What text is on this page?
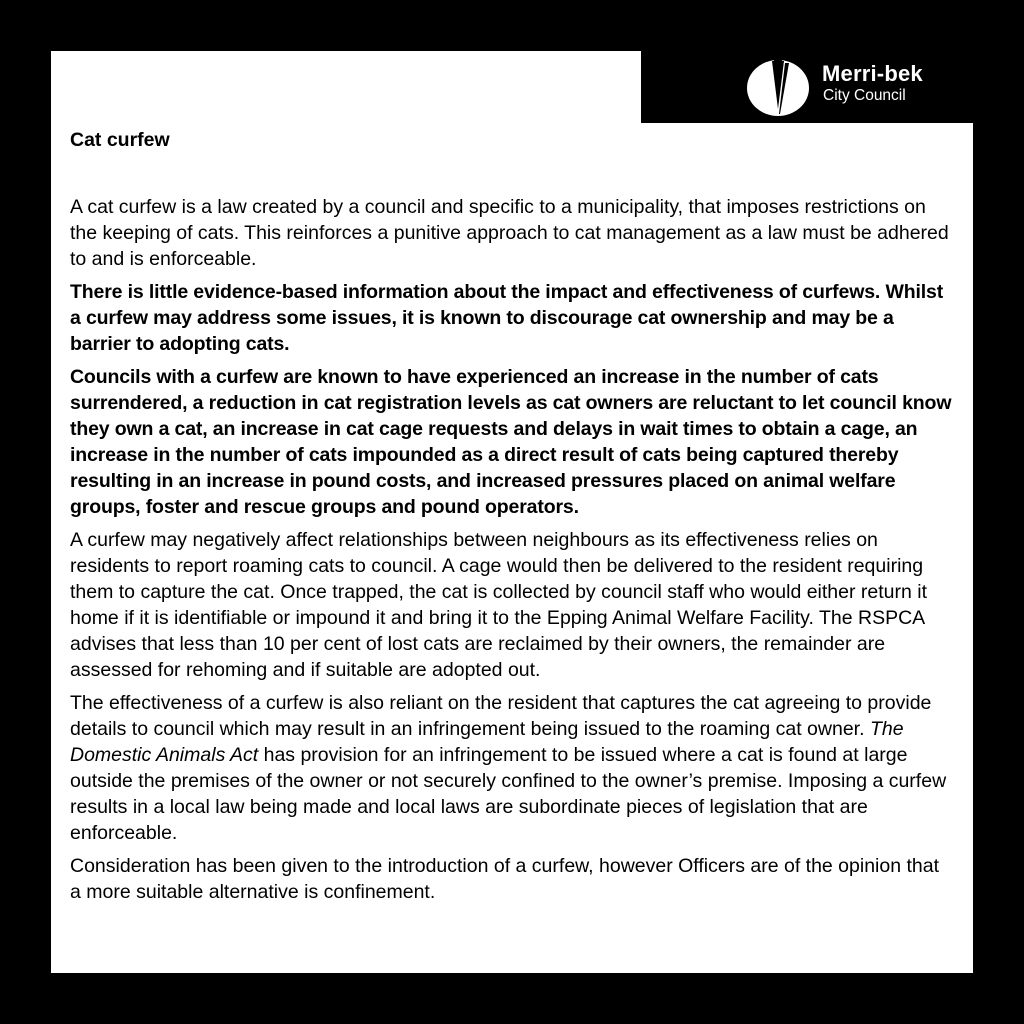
Merri-bek
City Council

Cat curfew

A cat curfew is a law created by a council and specific to a municipality, that imposes restrictions on the keeping of cats. This reinforces a punitive approach to cat management as a law must be adhered to and is enforceable.

There is little evidence-based information about the impact and effectiveness of curfews. Whilst a curfew may address some issues, it is known to discourage cat ownership and may be a barrier to adopting cats.

Councils with a curfew are known to have experienced an increase in the number of cats surrendered, a reduction in cat registration levels as cat owners are reluctant to let council know they own a cat, an increase in cat cage requests and delays in wait times to obtain a cage, an increase in the number of cats impounded as a direct result of cats being captured thereby resulting in an increase in pound costs, and increased pressures placed on animal welfare groups, foster and rescue groups and pound operators.

A curfew may negatively affect relationships between neighbours as its effectiveness relies on residents to report roaming cats to council. A cage would then be delivered to the resident requiring them to capture the cat. Once trapped, the cat is collected by council staff who would either return it home if it is identifiable or impound it and bring it to the Epping Animal Welfare Facility. The RSPCA advises that less than 10 per cent of lost cats are reclaimed by their owners, the remainder are assessed for rehoming and if suitable are adopted out.

The effectiveness of a curfew is also reliant on the resident that captures the cat agreeing to provide details to council which may result in an infringement being issued to the roaming cat owner. The Domestic Animals Act has provision for an infringement to be issued where a cat is found at large outside the premises of the owner or not securely confined to the owner’s premise. Imposing a curfew results in a local law being made and local laws are subordinate pieces of legislation that are enforceable.

Consideration has been given to the introduction of a curfew, however Officers are of the opinion that a more suitable alternative is confinement.
